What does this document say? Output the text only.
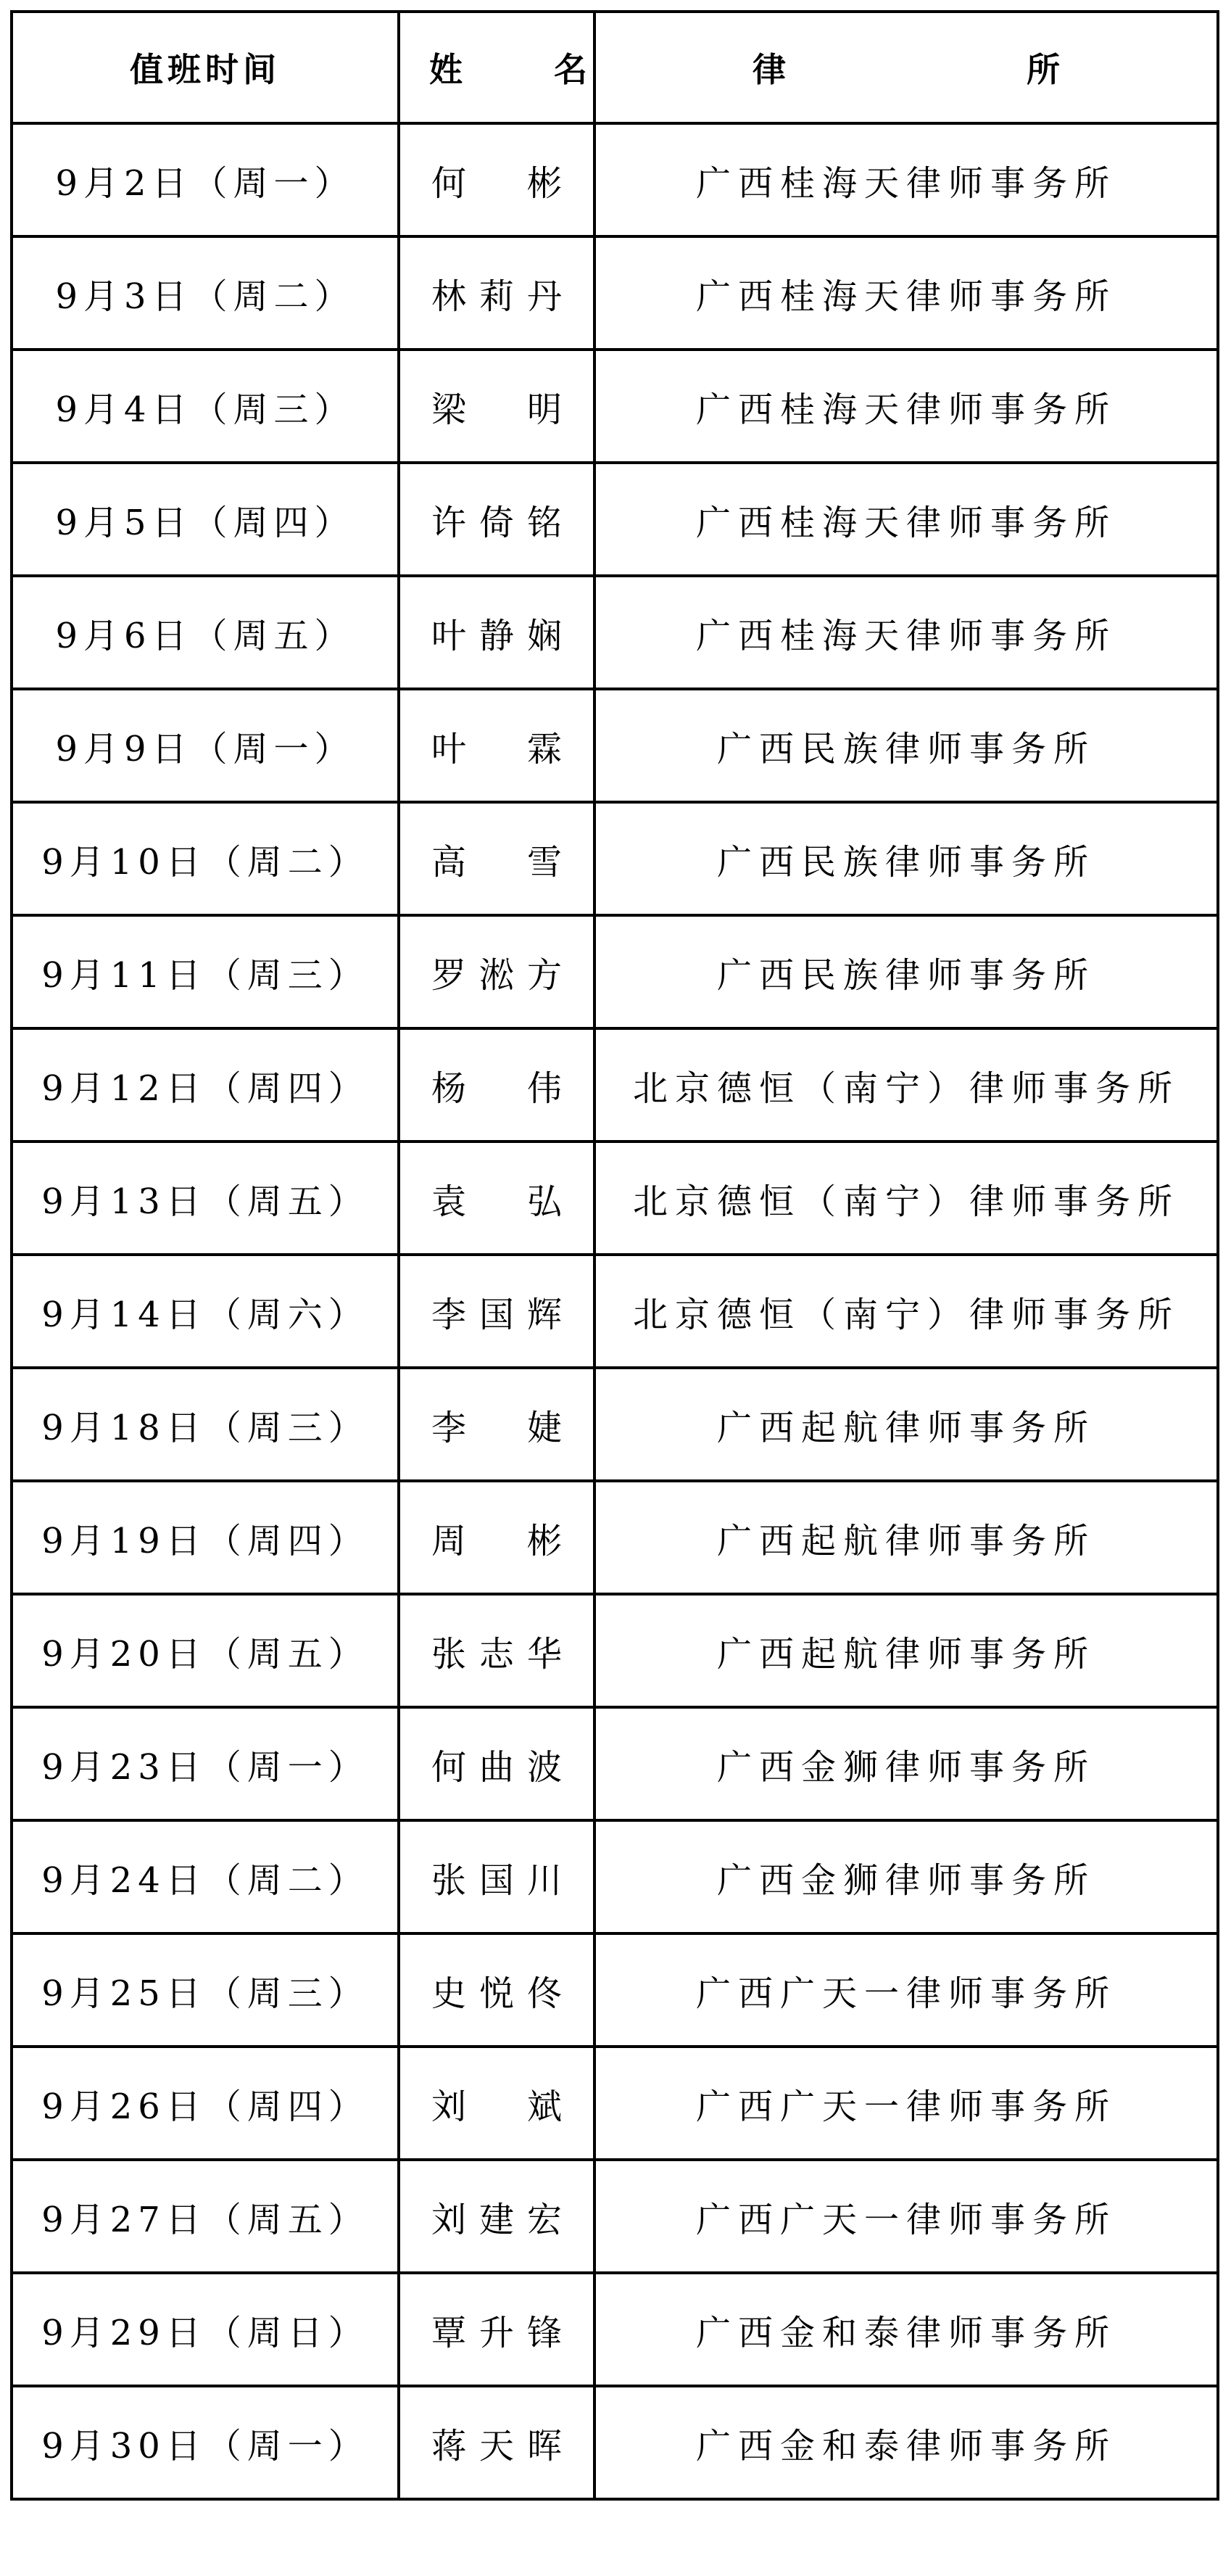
值班时间	姓　名	律　　所
9月2日（周一）	何　彬	广西桂海天律师事务所
9月3日（周二）	林莉丹	广西桂海天律师事务所
9月4日（周三）	梁　明	广西桂海天律师事务所
9月5日（周四）	许倚铭	广西桂海天律师事务所
9月6日（周五）	叶静娴	广西桂海天律师事务所
9月9日（周一）	叶　霖	广西民族律师事务所
9月10日（周二）	高　雪	广西民族律师事务所
9月11日（周三）	罗淞方	广西民族律师事务所
9月12日（周四）	杨　伟	北京德恒（南宁）律师事务所
9月13日（周五）	袁　弘	北京德恒（南宁）律师事务所
9月14日（周六）	李国辉	北京德恒（南宁）律师事务所
9月18日（周三）	李　婕	广西起航律师事务所
9月19日（周四）	周　彬	广西起航律师事务所
9月20日（周五）	张志华	广西起航律师事务所
9月23日（周一）	何曲波	广西金狮律师事务所
9月24日（周二）	张国川	广西金狮律师事务所
9月25日（周三）	史悦佟	广西广天一律师事务所
9月26日（周四）	刘　斌	广西广天一律师事务所
9月27日（周五）	刘建宏	广西广天一律师事务所
9月29日（周日）	覃升锋	广西金和泰律师事务所
9月30日（周一）	蒋天晖	广西金和泰律师事务所
